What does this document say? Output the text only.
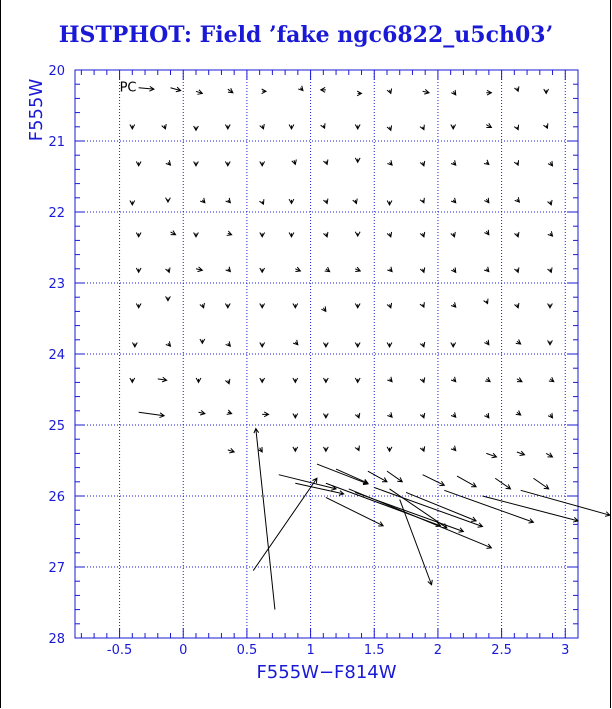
HSTPHOT: Field ’fake ngc6822_u5ch03’
-0.5	0	0.5	1	1.5	2	2.5	3
20
21
22
23
24
25
26
27
28
F555W−F814W
F555W	PC
